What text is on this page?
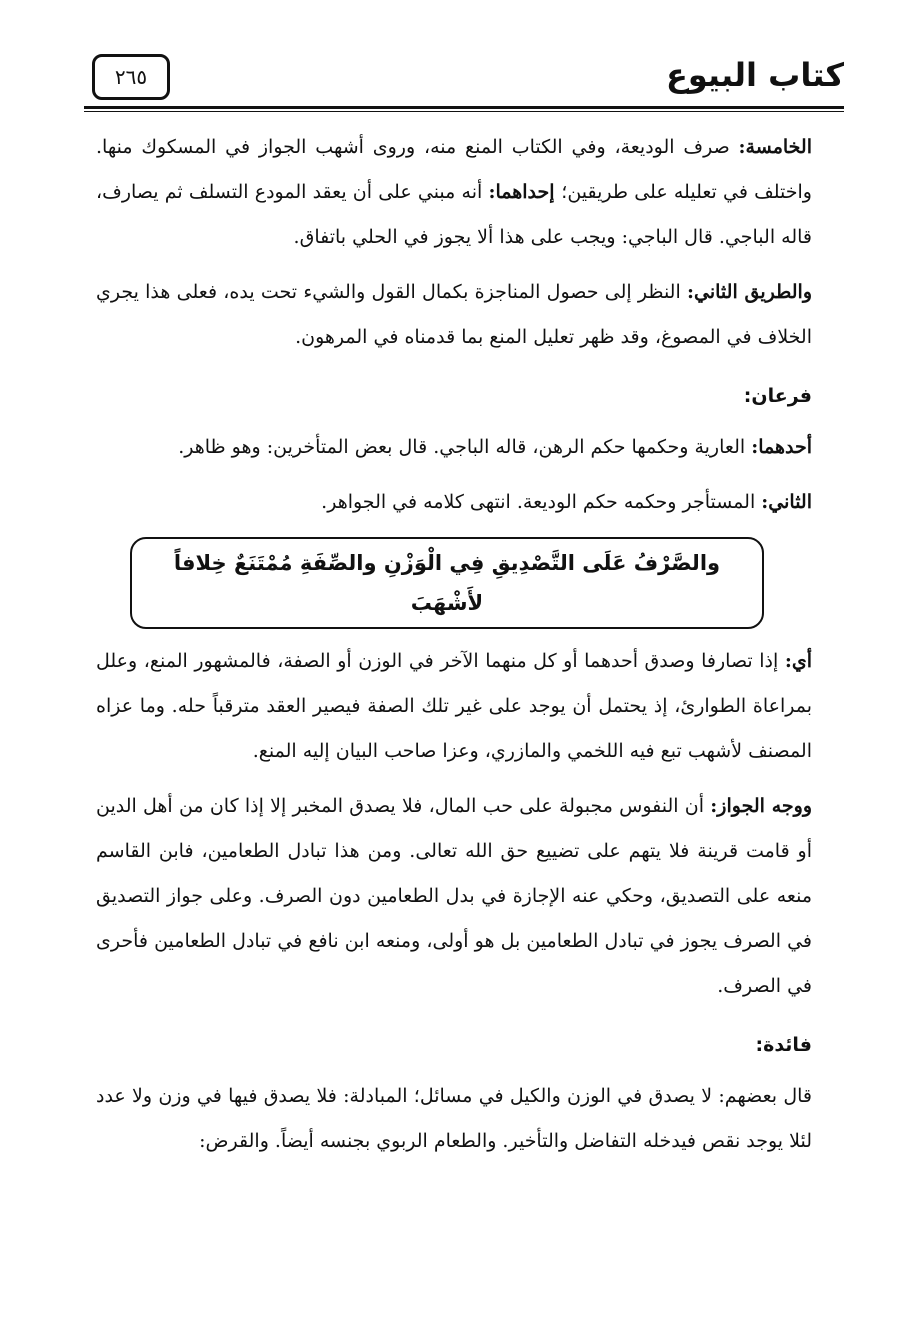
كتاب البيوع
٢٦٥

الخامسة: صرف الوديعة، وفي الكتاب المنع منه، وروى أشهب الجواز في المسكوك منها. واختلف في تعليله على طريقين؛ إحداهما: أنه مبني على أن يعقد المودع التسلف ثم يصارف، قاله الباجي. قال الباجي: ويجب على هذا ألا يجوز في الحلي باتفاق.

والطريق الثاني: النظر إلى حصول المناجزة بكمال القول والشيء تحت يده، فعلى هذا يجري الخلاف في المصوغ، وقد ظهر تعليل المنع بما قدمناه في المرهون.

فرعان:

أحدهما: العارية وحكمها حكم الرهن، قاله الباجي. قال بعض المتأخرين: وهو ظاهر.

الثاني: المستأجر وحكمه حكم الوديعة. انتهى كلامه في الجواهر.

والصَّرْفُ عَلَى التَّصْدِيقِ فِي الْوَزْنِ والصِّفَةِ مُمْتَنَعٌ خِلافاً لأَشْهَبَ

أي: إذا تصارفا وصدق أحدهما أو كل منهما الآخر في الوزن أو الصفة، فالمشهور المنع، وعلل بمراعاة الطوارئ، إذ يحتمل أن يوجد على غير تلك الصفة فيصير العقد مترقباً حله. وما عزاه المصنف لأشهب تبع فيه اللخمي والمازري، وعزا صاحب البيان إليه المنع.

ووجه الجواز: أن النفوس مجبولة على حب المال، فلا يصدق المخبر إلا إذا كان من أهل الدين أو قامت قرينة فلا يتهم على تضييع حق الله تعالى. ومن هذا تبادل الطعامين، فابن القاسم منعه على التصديق، وحكي عنه الإجازة في بدل الطعامين دون الصرف. وعلى جواز التصديق في الصرف يجوز في تبادل الطعامين بل هو أولى، ومنعه ابن نافع في تبادل الطعامين فأحرى في الصرف.

فائدة:

قال بعضهم: لا يصدق في الوزن والكيل في مسائل؛ المبادلة: فلا يصدق فيها في وزن ولا عدد لئلا يوجد نقص فيدخله التفاضل والتأخير. والطعام الربوي بجنسه أيضاً. والقرض:
